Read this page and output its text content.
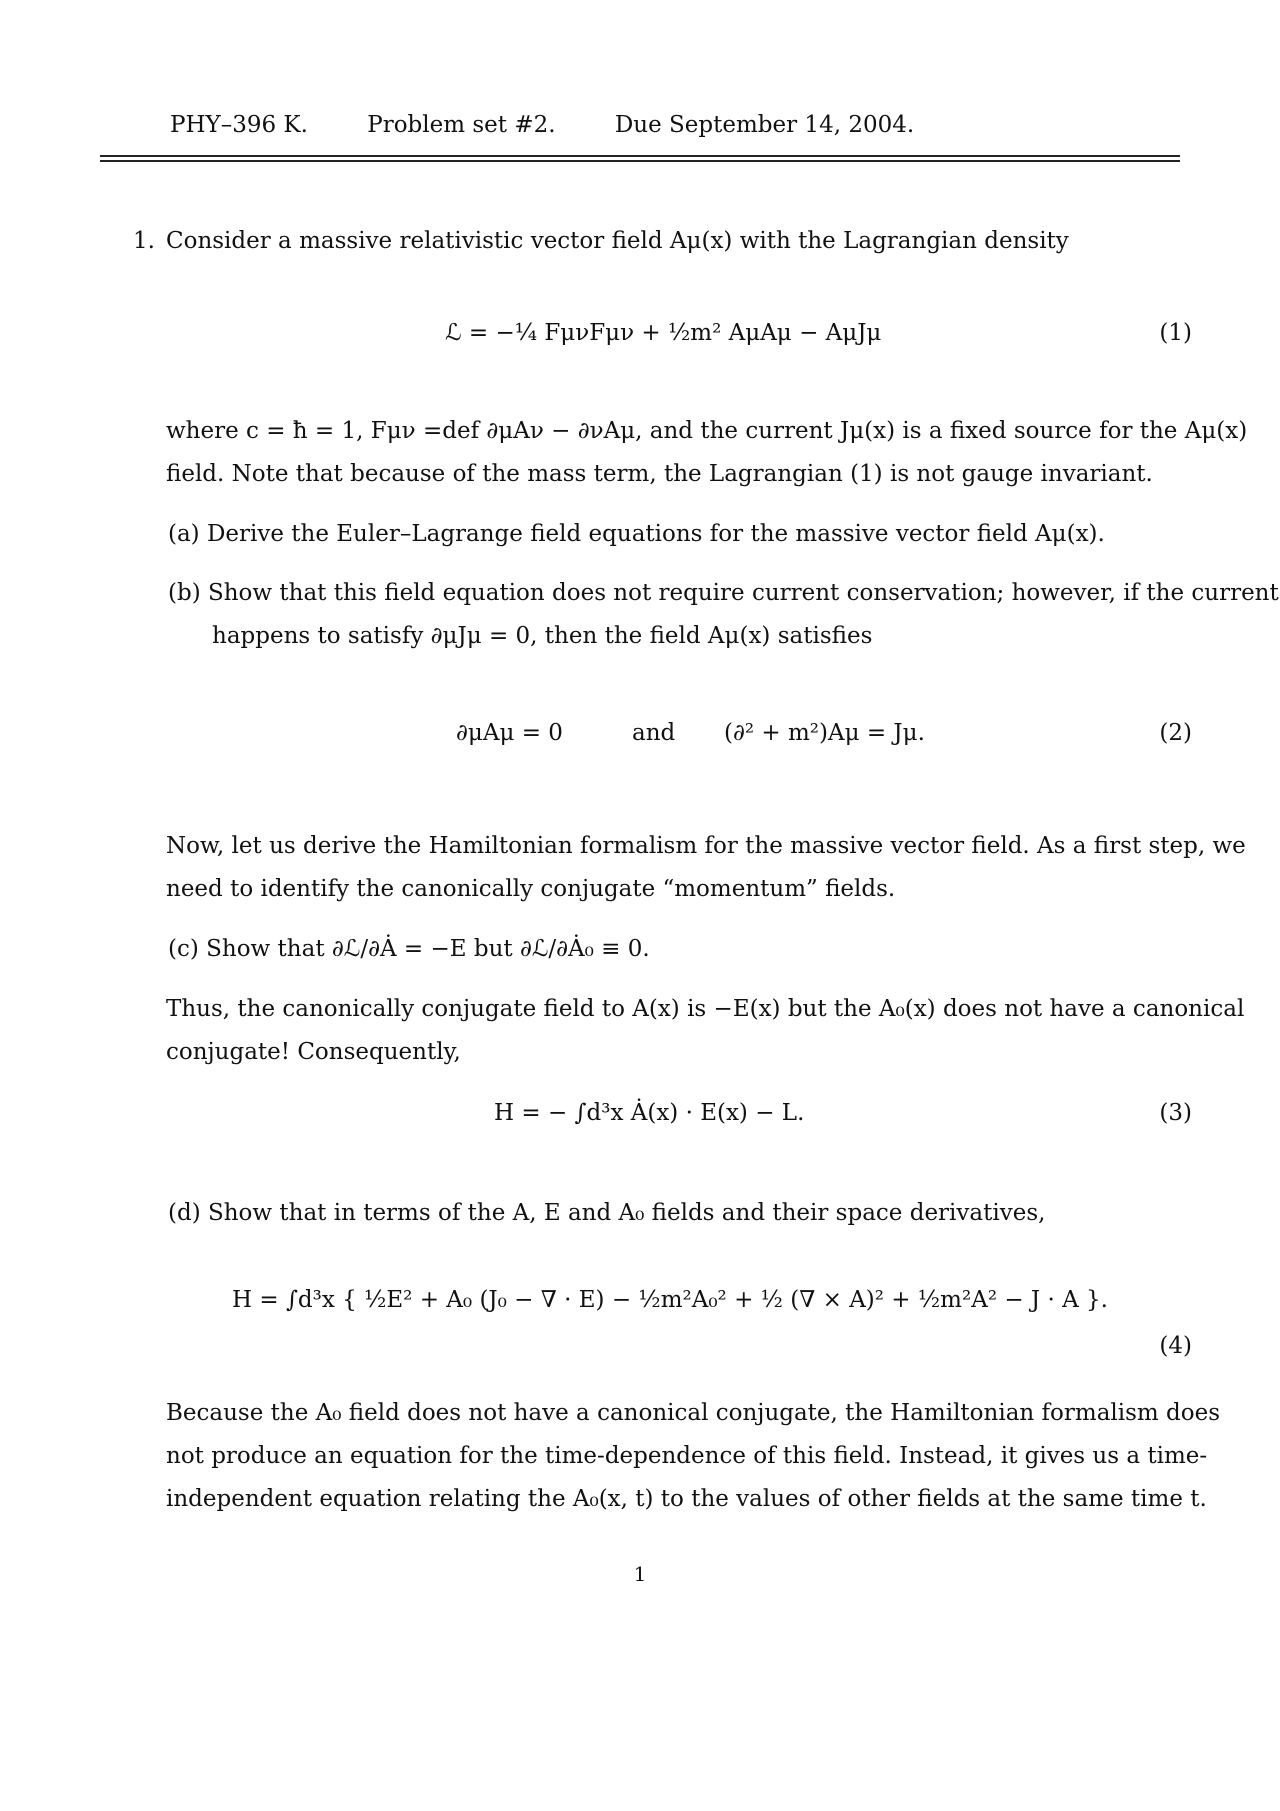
PHY–396 K.	Problem set #2.	Due September 14, 2004.
1. Consider a massive relativistic vector field Aμ(x) with the Lagrangian density
ℒ = −¼ FμνFμν + ½m² AμAμ − AμJμ	(1)
where c = ħ = 1, Fμν =def ∂μAν − ∂νAμ, and the current Jμ(x) is a fixed source for the Aμ(x)
field. Note that because of the mass term, the Lagrangian (1) is not gauge invariant.
(a) Derive the Euler–Lagrange field equations for the massive vector field Aμ(x).
(b) Show that this field equation does not require current conservation; however, if the current
happens to satisfy ∂μJμ = 0, then the field Aμ(x) satisfies
∂μAμ = 0	and (∂² + m²)Aμ = Jμ.	(2)
Now, let us derive the Hamiltonian formalism for the massive vector field. As a first step, we
need to identify the canonically conjugate “momentum” fields.
(c) Show that ∂ℒ/∂Ȧ = −E but ∂ℒ/∂Ȧ₀ ≡ 0.
Thus, the canonically conjugate field to A(x) is −E(x) but the A₀(x) does not have a canonical
conjugate! Consequently,
H = − ∫d³x Ȧ(x) · E(x) − L.	(3)
(d) Show that in terms of the A, E and A₀ fields and their space derivatives,
H = ∫d³x { ½E² + A₀ (J₀ − ∇ · E) − ½m²A₀² + ½ (∇ × A)² + ½m²A² − J · A }.
(4)
Because the A₀ field does not have a canonical conjugate, the Hamiltonian formalism does
not produce an equation for the time-dependence of this field. Instead, it gives us a time-
independent equation relating the A₀(x, t) to the values of other fields at the same time t.
1
